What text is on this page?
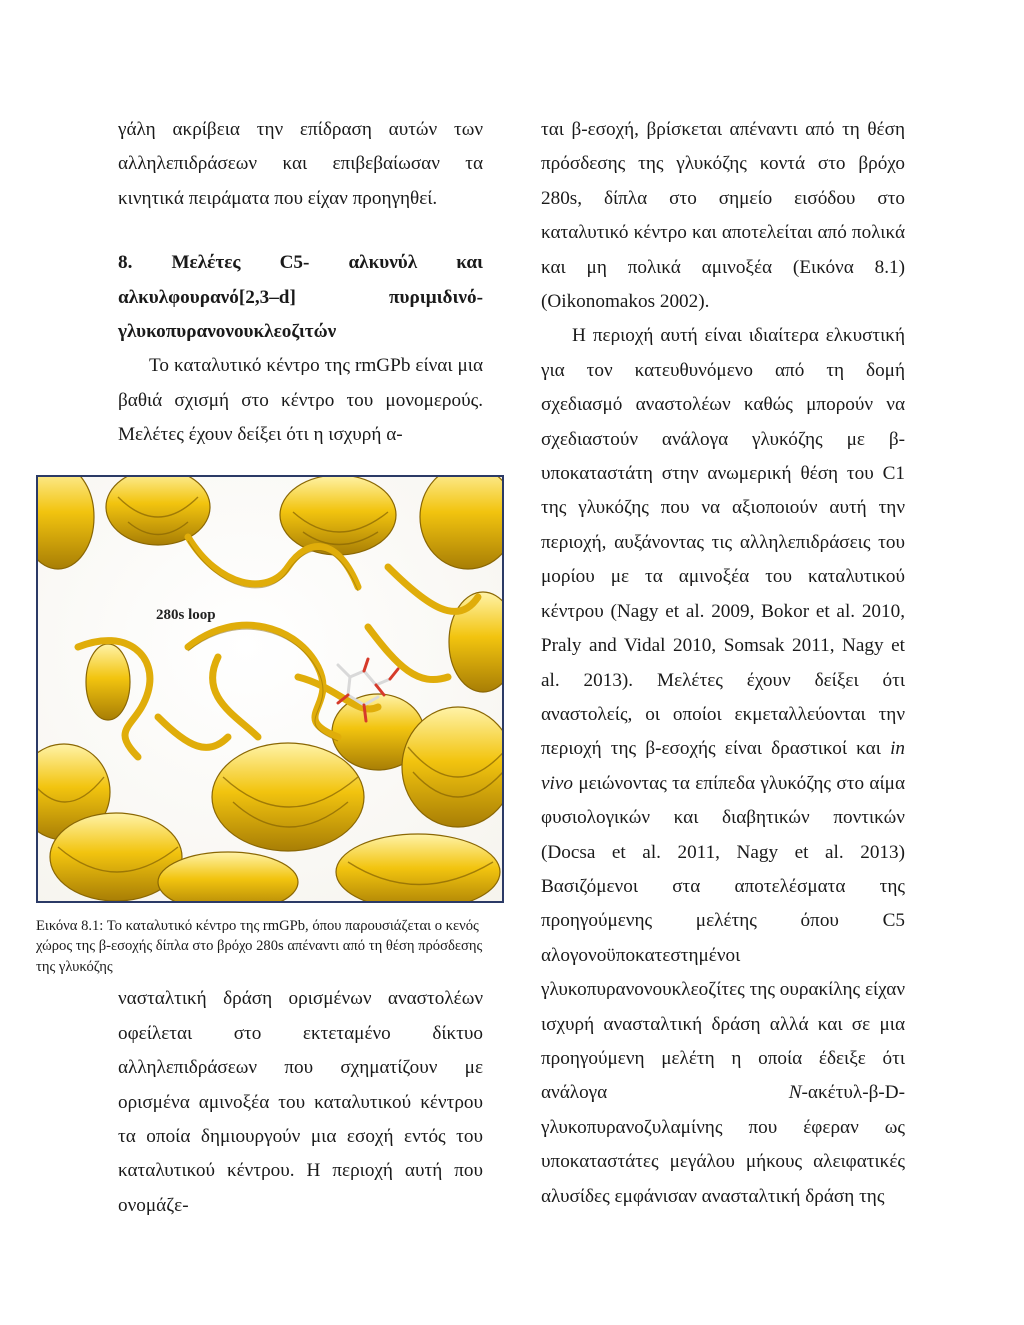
γάλη ακρίβεια την επίδραση αυτών των αλληλεπιδράσεων και επιβεβαίωσαν τα κινητικά πειράματα που είχαν προηγηθεί.

8. Μελέτες C5- αλκυνύλ και αλκυλφουρανό[2,3–d] πυριμιδινό- γλυκοπυρανονουκλεοζιτών

Το καταλυτικό κέντρο της rmGPb είναι μια βαθιά σχισμή στο κέντρο του μονομερούς. Μελέτες έχουν δείξει ότι η ισχυρή α-

280s loop

Εικόνα 8.1: Το καταλυτικό κέντρο της rmGPb, όπου παρουσιάζεται ο κενός χώρος της β-εσοχής δίπλα στο βρόχο 280s απέναντι από τη θέση πρόσδεσης της γλυκόζης

νασταλτική δράση ορισμένων αναστολέων οφείλεται στο εκτεταμένο δίκτυο αλληλεπιδράσεων που σχηματίζουν με ορισμένα αμινοξέα του καταλυτικού κέντρου τα οποία δημιουργούν μια εσοχή εντός του καταλυτικού κέντρου. Η περιοχή αυτή που ονομάζε-

ται β-εσοχή, βρίσκεται απέναντι από τη θέση πρόσδεσης της γλυκόζης κοντά στο βρόχο 280s, δίπλα στο σημείο εισόδου στο καταλυτικό κέντρο και αποτελείται από πολικά και μη πολικά αμινοξέα (Εικόνα 8.1) (Oikonomakos 2002).

Η περιοχή αυτή είναι ιδιαίτερα ελκυστική για τον κατευθυνόμενο από τη δομή σχεδιασμό αναστολέων καθώς μπορούν να σχεδιαστούν ανάλογα γλυκόζης με β-υποκαταστάτη στην ανωμερική θέση του C1 της γλυκόζης που να αξιοποιούν αυτή την περιοχή, αυξάνοντας τις αλληλεπιδράσεις του μορίου με τα αμινοξέα του καταλυτικού κέντρου (Nagy et al. 2009, Bokor et al. 2010, Praly and Vidal 2010, Somsak 2011, Nagy et al. 2013). Μελέτες έχουν δείξει ότι αναστολείς, οι οποίοι εκμεταλλεύονται την περιοχή της β-εσοχής είναι δραστικοί και in vivo μειώνοντας τα επίπεδα γλυκόζης στο αίμα φυσιολογικών και διαβητικών ποντικών (Docsa et al. 2011, Nagy et al. 2013) Βασιζόμενοι στα αποτελέσματα της προηγούμενης μελέτης όπου C5 αλογονοϋποκατεστημένοι γλυκοπυρανονουκλεοζίτες της ουρακίλης είχαν ισχυρή ανασταλτική δράση αλλά και σε μια προηγούμενη μελέτη η οποία έδειξε ότι ανάλογα N-ακέτυλ-β-D-γλυκοπυρανοζυλαμίνης που έφεραν ως υποκαταστάτες μεγάλου μήκους αλειφατικές αλυσίδες εμφάνισαν ανασταλτική δράση της
